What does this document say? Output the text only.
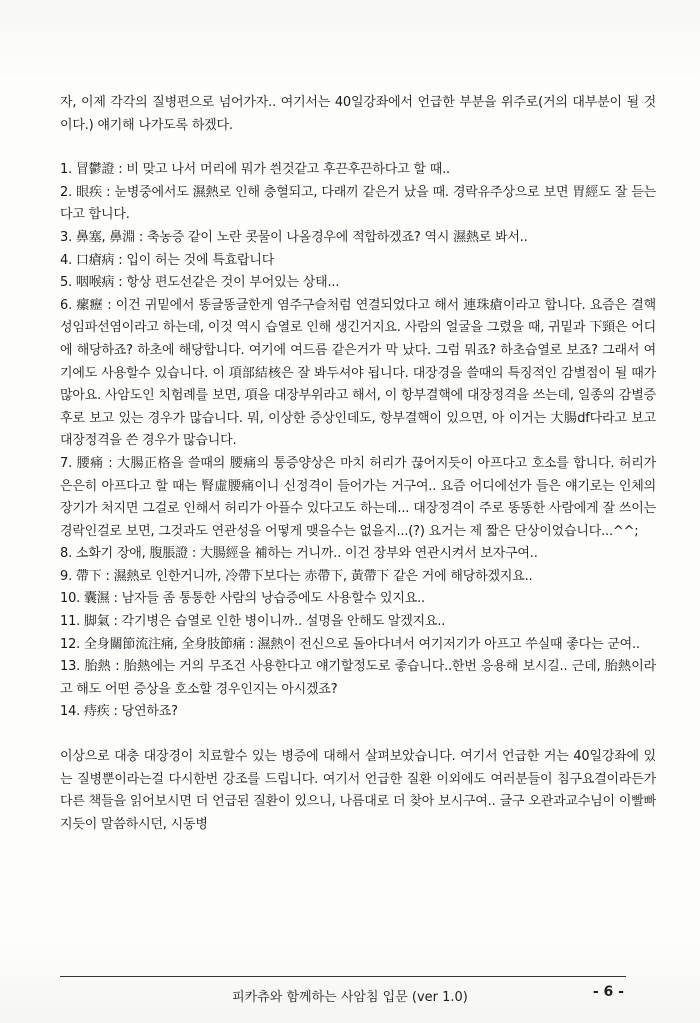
자, 이제 각각의 질병편으로 넘어가자.. 여기서는 40일강좌에서 언급한 부분을 위주로(거의 대부분이 될 것이다.) 얘기해 나가도록 하겠다.

1. 冒鬱證 : 비 맞고 나서 머리에 뭐가 씐것같고 후끈후끈하다고 할 때..

2. 眼疾 : 눈병중에서도 濕熱로 인해 충혈되고, 다래끼 같은거 났을 때. 경락유주상으로 보면 胃經도 잘 듣는다고 합니다.

3. 鼻塞, 鼻淵 : 축농증 같이 노란 콧물이 나올경우에 적합하겠죠? 역시 濕熱로 봐서..

4. 口瘡病 : 입이 허는 것에 특효랍니다

5. 咽喉病 : 항상 편도선같은 것이 부어있는 상태...

6. 瘰癧 : 이건 귀밑에서 똥글똥글한게 염주구슬처럼 연결되었다고 해서 連珠瘡이라고 합니다. 요즘은 결핵성임파선염이라고 하는데, 이것 역시 습열로 인해 생긴거지요. 사람의 얼굴을 그렸을 때, 귀밑과 下頸은 어디에 해당하죠? 하초에 해당합니다. 여기에 여드름 같은거가 막 났다. 그럼 뭐죠? 하초습열로 보죠? 그래서 여기에도 사용할수 있습니다. 이 項部結核은 잘 봐두셔야 됩니다. 대장경을 쓸때의 특징적인 감별점이 될 때가 많아요. 사암도인 치험례를 보면, 項을 대장부위라고 해서, 이 항부결핵에 대장정격을 쓰는데, 일종의 감별증후로 보고 있는 경우가 많습니다. 뭐, 이상한 증상인데도, 항부결핵이 있으면, 아 이거는 大腸df다라고 보고 대장정격을 쓴 경우가 많습니다.

7. 腰痛 : 大腸正格을 쓸때의 腰痛의 통증양상은 마치 허리가 끊어지듯이 아프다고 호소를 합니다. 허리가 은은히 아프다고 할 때는 腎虛腰痛이니 신정격이 들어가는 거구여.. 요즘 어디에선가 들은 얘기로는 인체의 장기가 처지면 그걸로 인해서 허리가 아플수 있다고도 하는데... 대장정격이 주로 똥똥한 사람에게 잘 쓰이는 경락인걸로 보면, 그것과도 연관성을 어떻게 맺을수는 없을지...(?) 요거는 제 짧은 단상이었습니다...^^;

8. 소화기 장애, 腹脹證 : 大腸經을 補하는 거니까.. 이건 장부와 연관시켜서 보자구여..

9. 帶下 : 濕熱로 인한거니까, 冷帶下보다는 赤帶下, 黃帶下 같은 거에 해당하겠지요..

10. 囊濕 : 남자들 좀 통통한 사람의 낭습증에도 사용할수 있지요..

11. 脚氣 : 각기병은 습열로 인한 병이니까.. 설명을 안해도 알겠지요..

12. 全身關節流注痛, 全身肢節痛 : 濕熱이 전신으로 돌아다녀서 여기저기가 아프고 쑤실때 좋다는 군여..

13. 胎熱 : 胎熱에는 거의 무조건 사용한다고 얘기할정도로 좋습니다..한번 응용해 보시길.. 근데, 胎熱이라고 해도 어떤 증상을 호소할 경우인지는 아시겠죠?

14. 痔疾 : 당연하죠?

이상으로 대충 대장경이 치료할수 있는 병증에 대해서 살펴보았습니다. 여기서 언급한 거는 40일강좌에 있는 질병뿐이라는걸 다시한번 강조를 드립니다. 여기서 언급한 질환 이외에도 여러분들이 침구요결이라든가 다른 책들을 읽어보시면 더 언급된 질환이 있으니, 나름대로 더 찾아 보시구여.. 글구 오관과교수님이 이빨빠지듯이 말씀하시던, 시동병

피카츄와 함께하는 사암침 입문 (ver 1.0)	- 6 -
